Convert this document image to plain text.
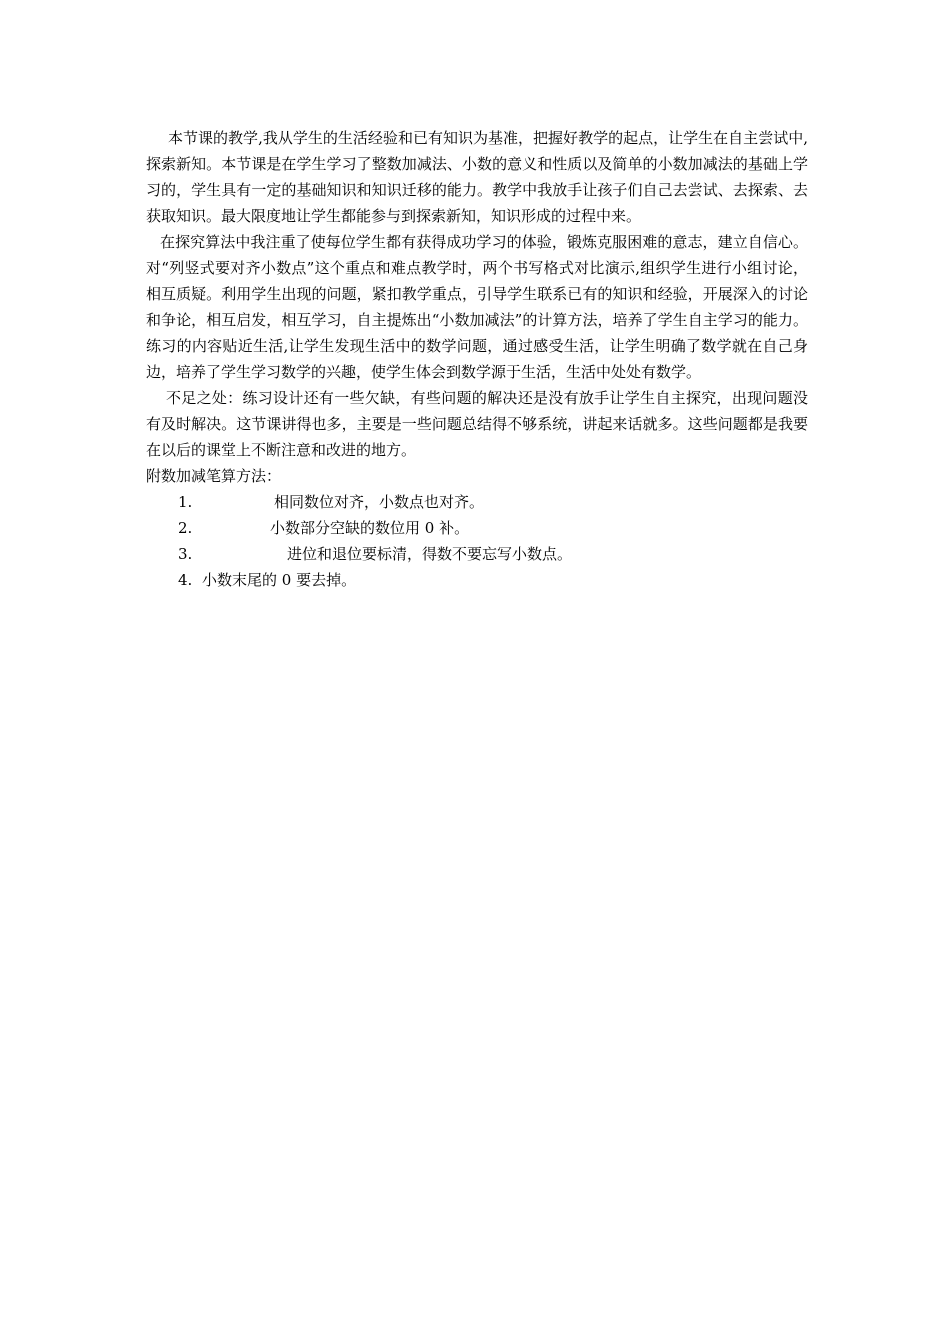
本节课的教学,我从学生的生活经验和已有知识为基准，把握好教学的起点，让学生在自主尝试中,探索新知。本节课是在学生学习了整数加减法、小数的意义和性质以及简单的小数加减法的基础上学习的，学生具有一定的基础知识和知识迁移的能力。教学中我放手让孩子们自己去尝试、去探索、去获取知识。最大限度地让学生都能参与到探索新知，知识形成的过程中来。

在探究算法中我注重了使每位学生都有获得成功学习的体验，锻炼克服困难的意志，建立自信心。对“列竖式要对齐小数点”这个重点和难点教学时，两个书写格式对比演示,组织学生进行小组讨论，相互质疑。利用学生出现的问题，紧扣教学重点，引导学生联系已有的知识和经验，开展深入的讨论和争论，相互启发，相互学习，自主提炼出“小数加减法”的计算方法，培养了学生自主学习的能力。练习的内容贴近生活,让学生发现生活中的数学问题，通过感受生活，让学生明确了数学就在自己身边，培养了学生学习数学的兴趣，使学生体会到数学源于生活，生活中处处有数学。

不足之处：练习设计还有一些欠缺，有些问题的解决还是没有放手让学生自主探究，出现问题没有及时解决。这节课讲得也多，主要是一些问题总结得不够系统，讲起来话就多。这些问题都是我要在以后的课堂上不断注意和改进的地方。

附数加减笔算方法：

1.	相同数位对齐，小数点也对齐。
2.	小数部分空缺的数位用 0 补。
3.	进位和退位要标清，得数不要忘写小数点。
4. 小数末尾的 0 要去掉。
